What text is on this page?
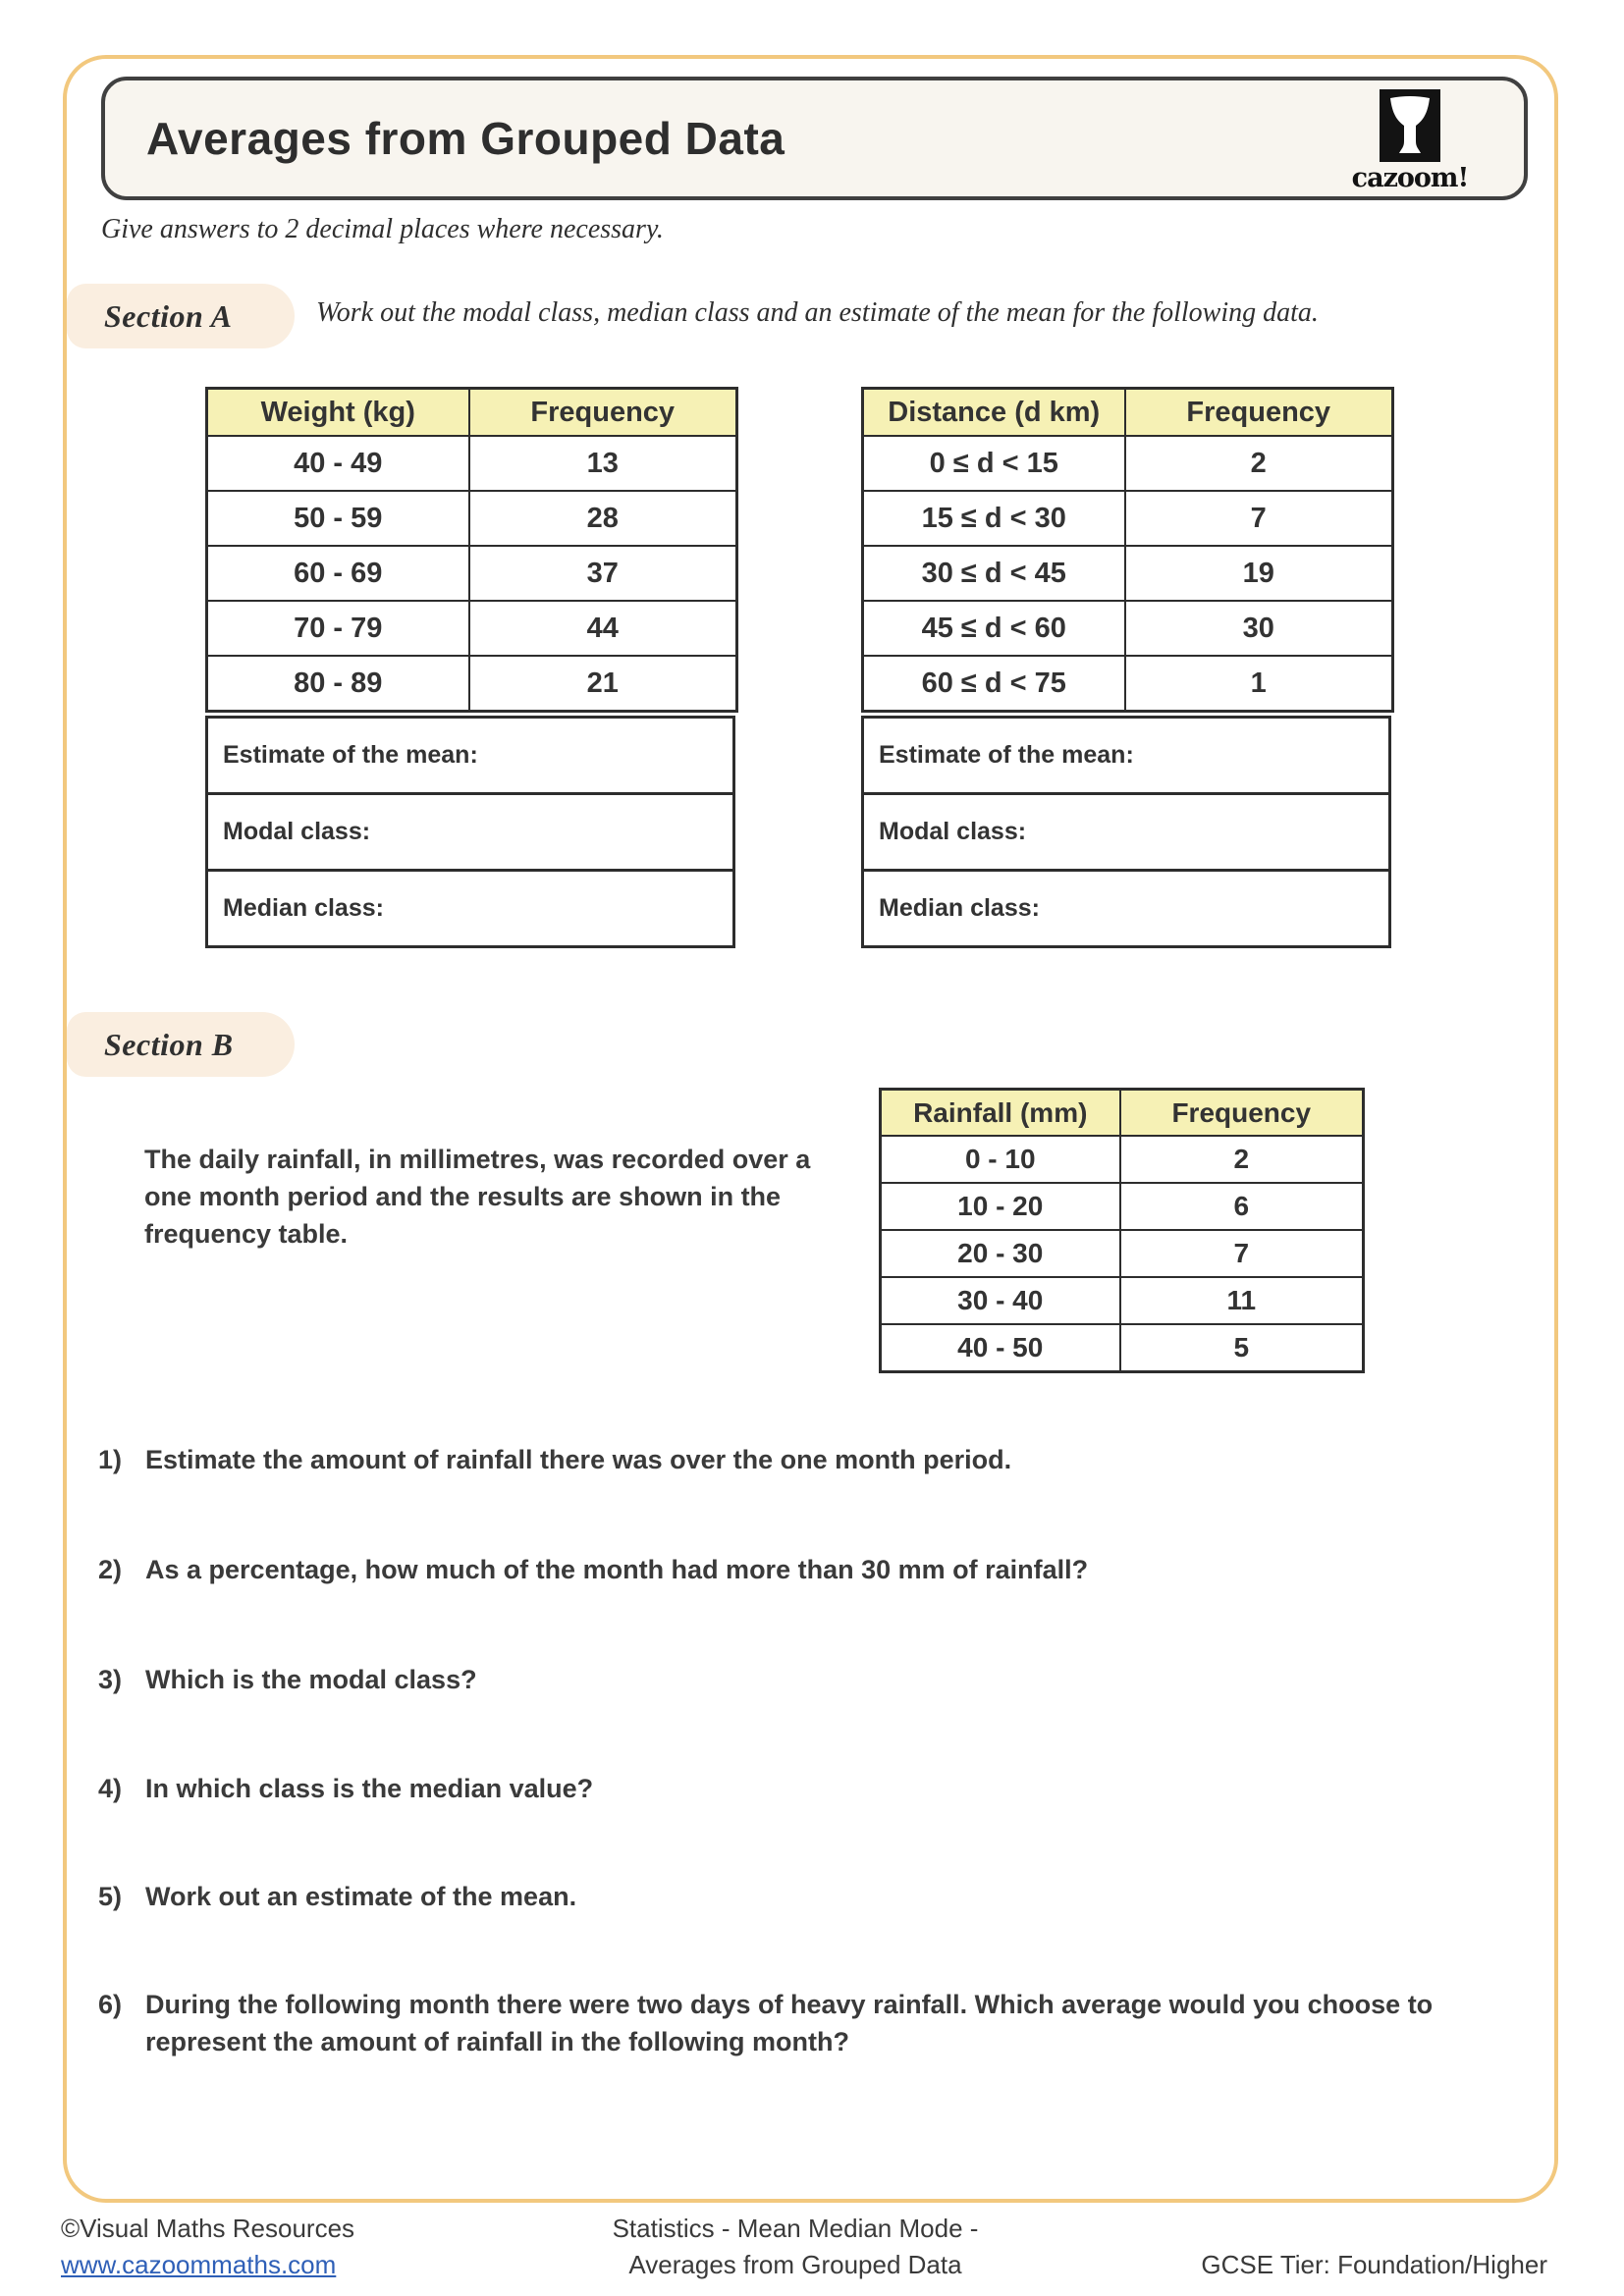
Averages from Grouped Data
cazoom!
Give answers to 2 decimal places where necessary.
Section A	Work out the modal class, median class and an estimate of the mean for the following data.
Weight (kg)	Frequency
40 - 49	13
50 - 59	28
60 - 69	37
70 - 79	44
80 - 89	21
Distance (d km)	Frequency
0 ≤ d < 15	2
15 ≤ d < 30	7
30 ≤ d < 45	19
45 ≤ d < 60	30
60 ≤ d < 75	1
Estimate of the mean:
Modal class:
Median class:
Estimate of the mean:
Modal class:
Median class:
Section B
The daily rainfall, in millimetres, was recorded over a one month period and the results are shown in the frequency table.
Rainfall (mm)	Frequency
0 - 10	2
10 - 20	6
20 - 30	7
30 - 40	11
40 - 50	5
1) Estimate the amount of rainfall there was over the one month period.
2) As a percentage, how much of the month had more than 30 mm of rainfall?
3) Which is the modal class?
4) In which class is the median value?
5) Work out an estimate of the mean.
6) During the following month there were two days of heavy rainfall. Which average would you choose to represent the amount of rainfall in the following month?
©Visual Maths Resources
www.cazoommaths.com
Statistics - Mean Median Mode -
Averages from Grouped Data	GCSE Tier: Foundation/Higher
